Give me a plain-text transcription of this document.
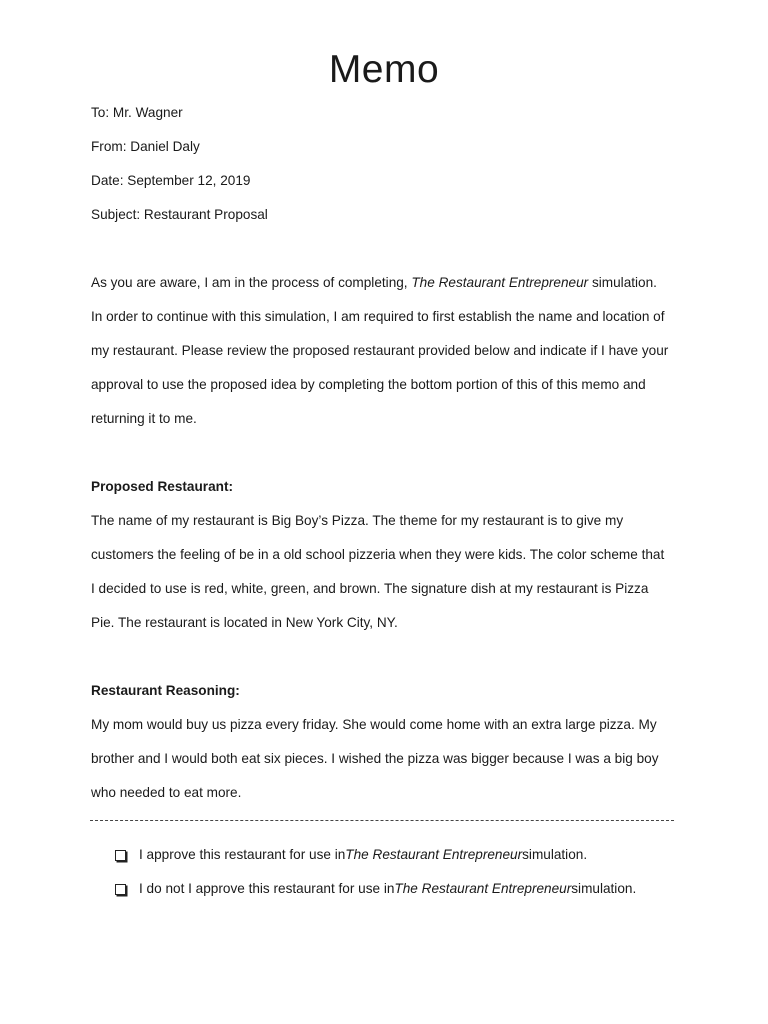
Memo
To: Mr. Wagner
From: Daniel Daly
Date: September 12, 2019
Subject: Restaurant Proposal
As you are aware, I am in the process of completing, The Restaurant Entrepreneur simulation.
In order to continue with this simulation, I am required to first establish the name and location of
my restaurant. Please review the proposed restaurant provided below and indicate if I have your
approval to use the proposed idea by completing the bottom portion of this of this memo and
returning it to me.
Proposed Restaurant:
The name of my restaurant is Big Boy’s Pizza. The theme for my restaurant is to give my
customers the feeling of be in a old school pizzeria when they were kids. The color scheme that
I decided to use is red, white, green, and brown. The signature dish at my restaurant is Pizza
Pie. The restaurant is located in New York City, NY.
Restaurant Reasoning:
My mom would buy us pizza every friday. She would come home with an extra large pizza. My
brother and I would both eat six pieces. I wished the pizza was bigger because I was a big boy
who needed to eat more.
I approve this restaurant for use in The Restaurant Entrepreneur simulation.
I do not I approve this restaurant for use in The Restaurant Entrepreneur simulation.
